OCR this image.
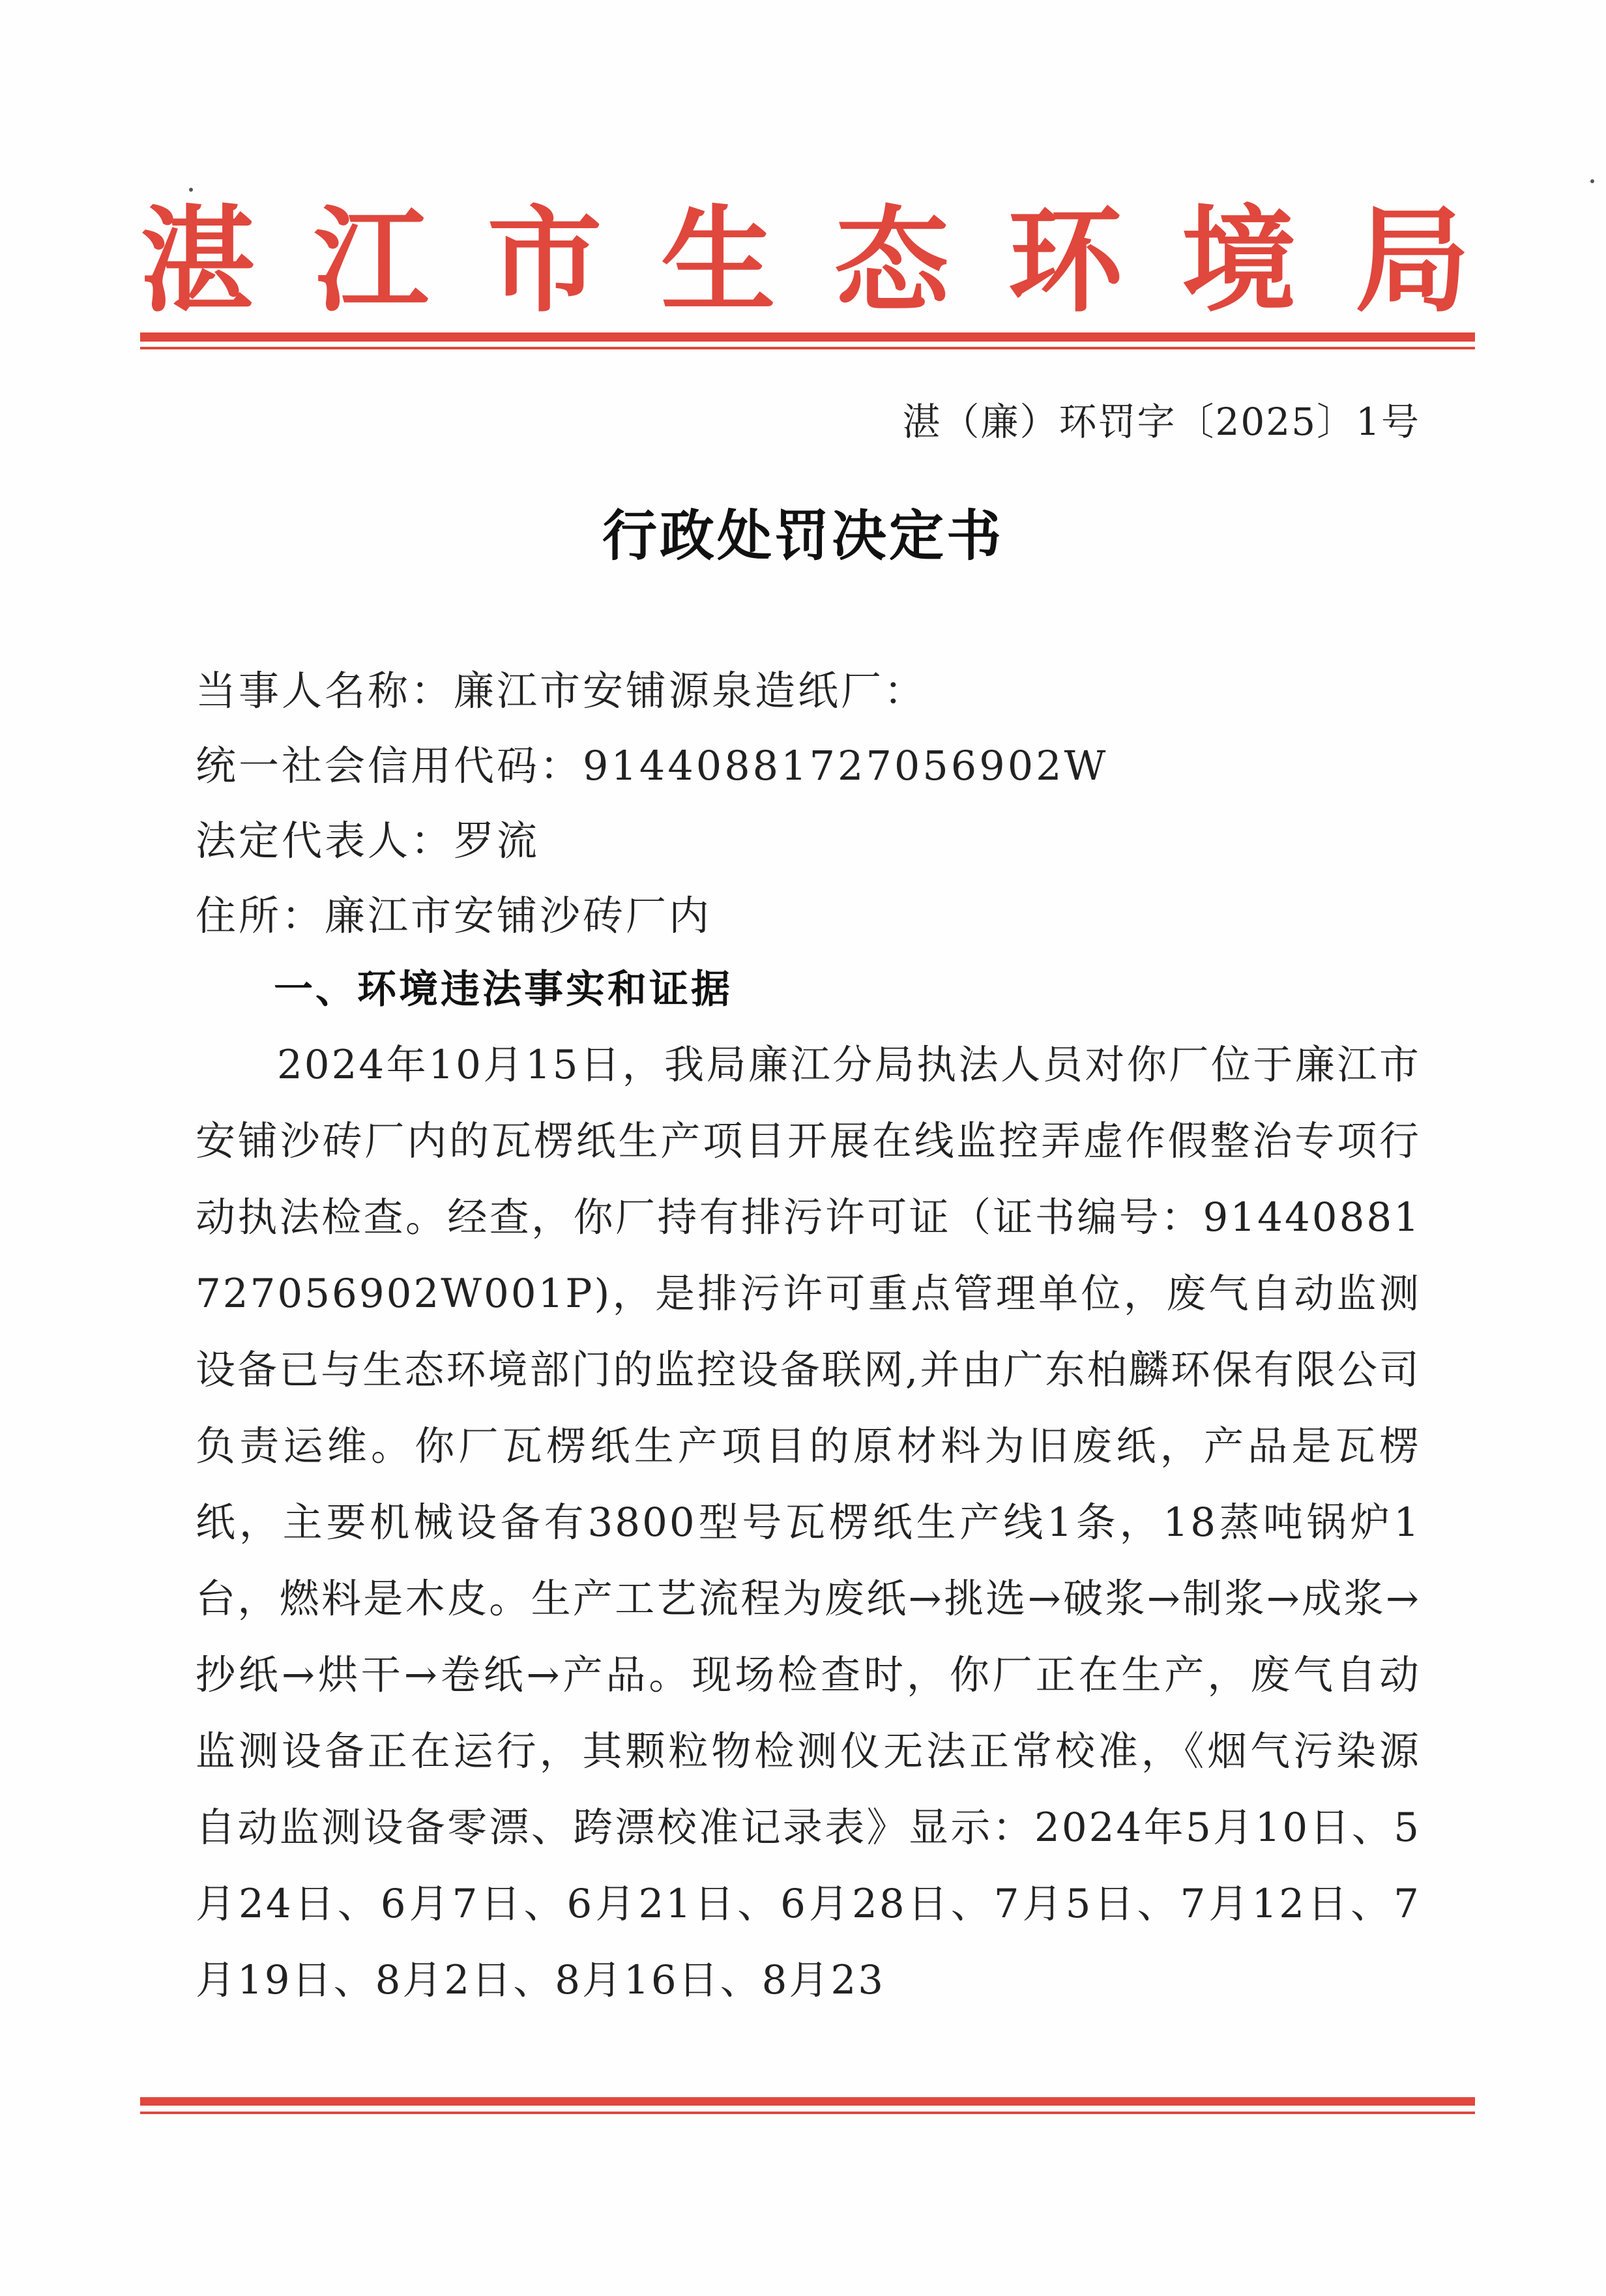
湛 江 市 生 态 环 境 局
湛（廉）环罚字〔2025〕1号
行政处罚决定书
当事人名称：廉江市安铺源泉造纸厂：
统一社会信用代码：91440881727056902W
法定代表人：罗流
住所：廉江市安铺沙砖厂内
一、环境违法事实和证据
2024年10月15日，我局廉江分局执法人员对你厂位于廉江市安铺沙砖厂内的瓦楞纸生产项目开展在线监控弄虚作假整治专项行动执法检查。经查，你厂持有排污许可证（证书编号：91440881727056902W001P)，是排污许可重点管理单位，废气自动监测设备已与生态环境部门的监控设备联网,并由广东柏麟环保有限公司负责运维。你厂瓦楞纸生产项目的原材料为旧废纸，产品是瓦楞纸，主要机械设备有3800型号瓦楞纸生产线1条，18蒸吨锅炉1台，燃料是木皮。生产工艺流程为废纸→挑选→破浆→制浆→成浆→抄纸→烘干→卷纸→产品。现场检查时，你厂正在生产，废气自动监测设备正在运行，其颗粒物检测仪无法正常校准，《烟气污染源自动监测设备零漂、跨漂校准记录表》显示：2024年5月10日、5月24日、6月7日、6月21日、6月28日、7月5日、7月12日、7月19日、8月2日、8月16日、8月23
